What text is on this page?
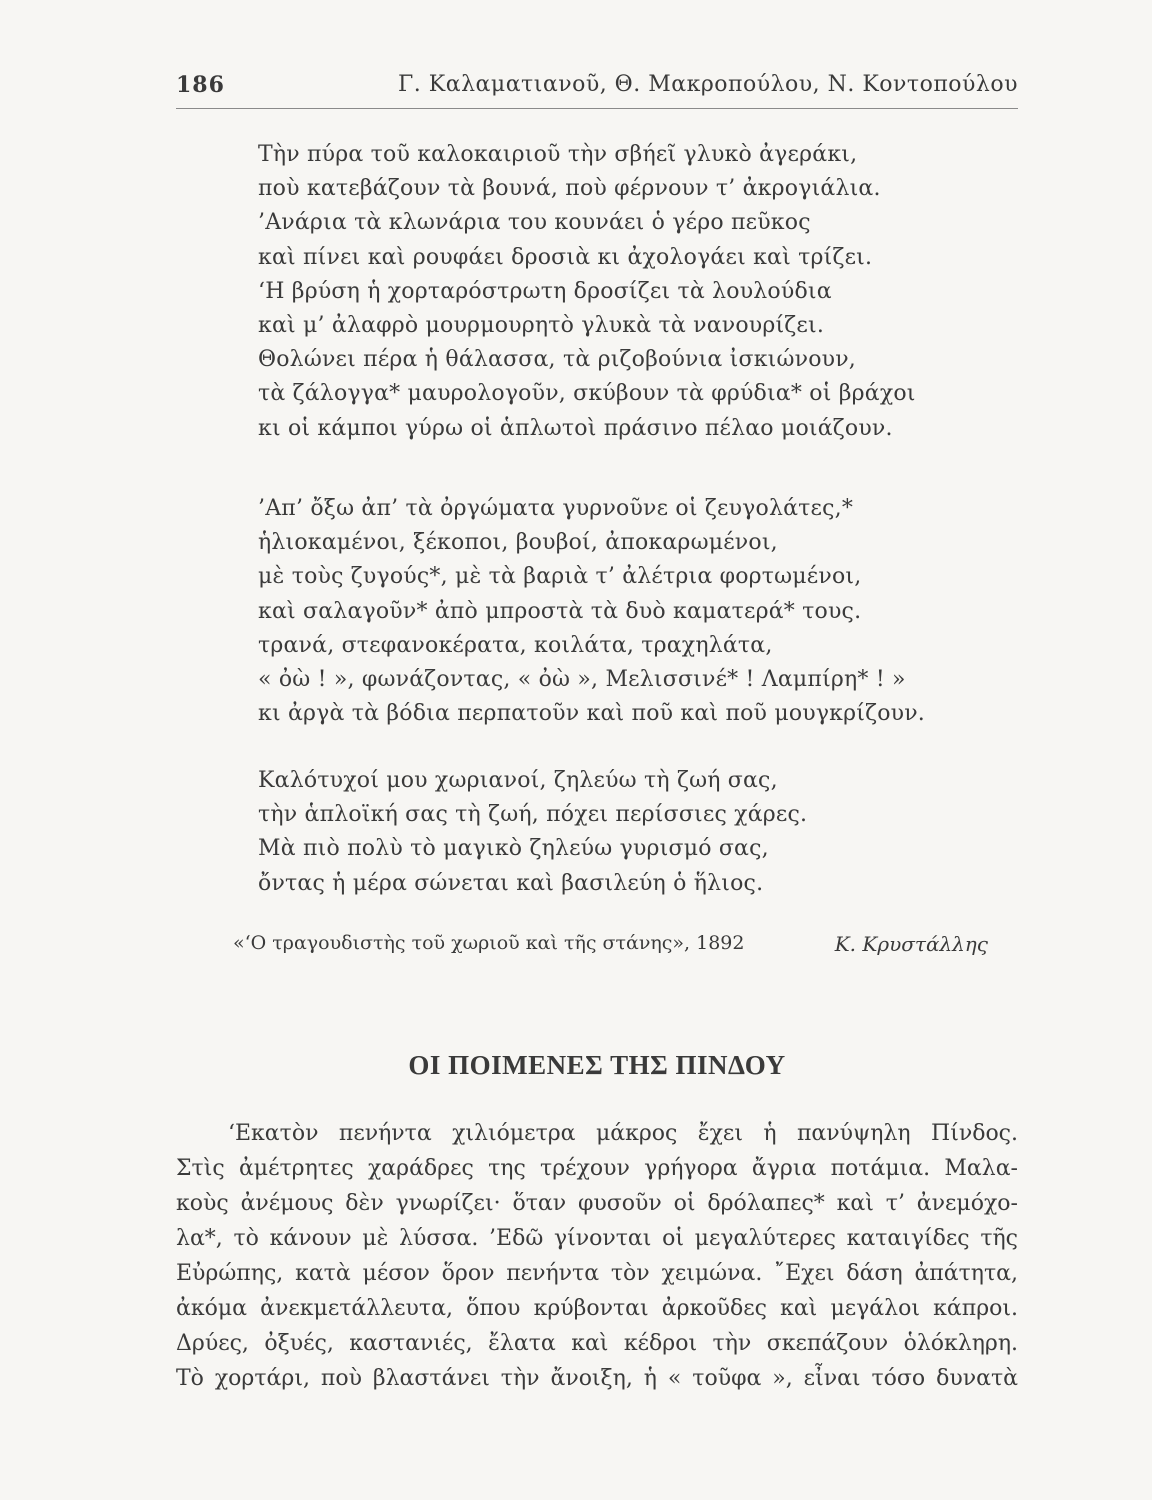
186	Γ. Καλαματιανοῦ, Θ. Μακροπούλου, Ν. Κοντοπούλου
Τὴν πύρα τοῦ καλοκαιριοῦ τὴν σβήεῖ γλυκὸ ἀγεράκι,
ποὺ κατεβάζουν τὰ βουνά, ποὺ φέρνουν τ’ ἀκρογιάλια.
’Ανάρια τὰ κλωνάρια του κουνάει ὁ γέρο πεῦκος
καὶ πίνει καὶ ρουφάει δροσιὰ κι ἀχολογάει καὶ τρίζει.
‘Η βρύση ἡ χορταρόστρωτη δροσίζει τὰ λουλούδια
καὶ μ’ ἀλαφρὸ μουρμουρητὸ γλυκὰ τὰ νανουρίζει.
Θολώνει πέρα ἡ θάλασσα, τὰ ριζοβούνια ἰσκιώνουν,
τὰ ζάλογγα* μαυρολογοῦν, σκύβουν τὰ φρύδια* οἱ βράχοι
κι οἱ κάμποι γύρω οἱ ἁπλωτοὶ πράσινο πέλαο μοιάζουν.
’Απ’ ὄξω ἀπ’ τὰ ὀργώματα γυρνοῦνε οἱ ζευγολάτες,*
ἡλιοκαμένοι, ξέκοποι, βουβοί, ἀποκαρωμένοι,
μὲ τοὺς ζυγούς*, μὲ τὰ βαριὰ τ’ ἀλέτρια φορτωμένοι,
καὶ σαλαγοῦν* ἀπὸ μπροστὰ τὰ δυὸ καματερά* τους.
τρανά, στεφανοκέρατα, κοιλάτα, τραχηλάτα,
« ὀὼ ! », φωνάζοντας, « ὀὼ », Μελισσινέ* ! Λαμπίρη* ! »
κι ἀργὰ τὰ βόδια περπατοῦν καὶ ποῦ καὶ ποῦ μουγκρίζουν.
Καλότυχοί μου χωριανοί, ζηλεύω τὴ ζωή σας,
τὴν ἁπλοϊκή σας τὴ ζωή, πόχει περίσσιες χάρες.
Μὰ πιὸ πολὺ τὸ μαγικὸ ζηλεύω γυρισμό σας,
ὄντας ἡ μέρα σώνεται καὶ βασιλεύη ὁ ἥλιος.
«‘Ο τραγουδιστὴς τοῦ χωριοῦ καὶ τῆς στάνης», 1892	Κ. Κρυστάλλης
ΟΙ ΠΟΙΜΕΝΕΣ ΤΗΣ ΠΙΝΔΟΥ
‘Εκατὸν πενήντα χιλιόμετρα μάκρος ἔχει ἡ πανύψηλη Πίνδος.
Στὶς ἀμέτρητες χαράδρες της τρέχουν γρήγορα ἄγρια ποτάμια. Μαλα-
κοὺς ἀνέμους δὲν γνωρίζει· ὅταν φυσοῦν οἱ δρόλαπες* καὶ τ’ ἀνεμόχο-
λα*, τὸ κάνουν μὲ λύσσα. ’Εδῶ γίνονται οἱ μεγαλύτερες καταιγίδες τῆς
Εὐρώπης, κατὰ μέσον ὅρον πενήντα τὸν χειμώνα. ῎Εχει δάση ἀπάτητα,
ἀκόμα ἀνεκμετάλλευτα, ὅπου κρύβονται ἀρκοῦδες καὶ μεγάλοι κάπροι.
Δρύες, ὀξυές, καστανιές, ἔλατα καὶ κέδροι τὴν σκεπάζουν ὁλόκληρη.
Τὸ χορτάρι, ποὺ βλαστάνει τὴν ἄνοιξη, ἡ « τοῦφα », εἶναι τόσο δυνατὰ
